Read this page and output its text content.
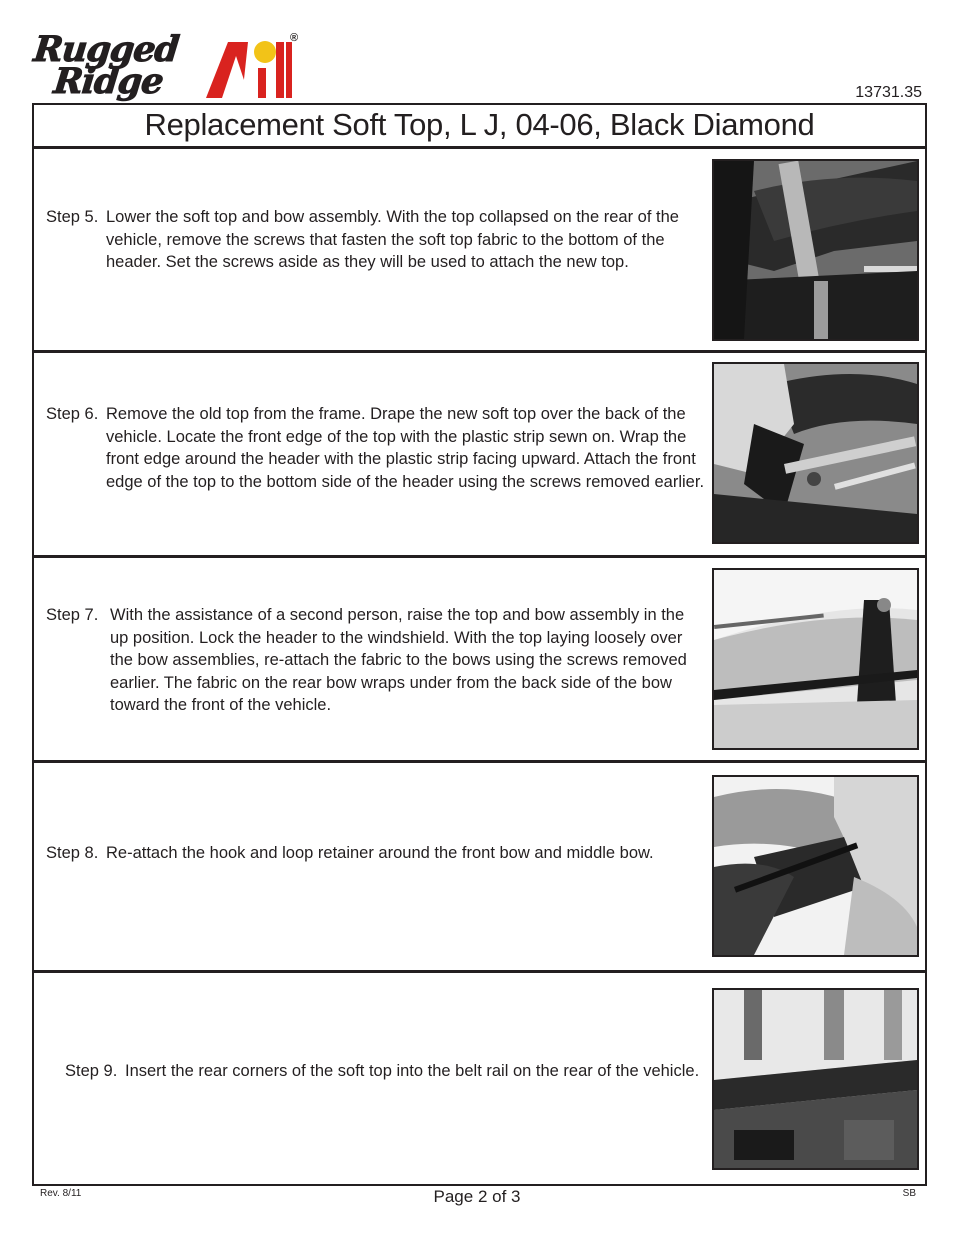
Rugged
Ridge
®
13731.35
Replacement Soft Top, L J, 04-06, Black Diamond
Step 5. Lower the soft top and bow assembly. With the top collapsed on the rear of the vehicle, remove the screws that fasten the soft top fabric to the bottom of the header. Set the screws aside as they will be used to attach the new top.
Step 6. Remove the old top from the frame. Drape the new soft top over the back of the vehicle. Locate the front edge of the top with the plastic strip sewn on. Wrap the front edge around the header with the plastic strip facing upward. Attach the front edge of the top to the bottom side of the header using the screws removed earlier.
Step 7. With the assistance of a second person, raise the top and bow assembly in the up position. Lock the header to the windshield. With the top laying loosely over the bow assemblies, re-attach the fabric to the bows using the screws removed earlier. The fabric on the rear bow wraps under from the back side of the bow toward the front of the vehicle.
Step 8. Re-attach the hook and loop retainer around the front bow and middle bow.
Step 9. Insert the rear corners of the soft top into the belt rail on the rear of the vehicle.
Rev. 8/11	Page 2 of 3	SB
